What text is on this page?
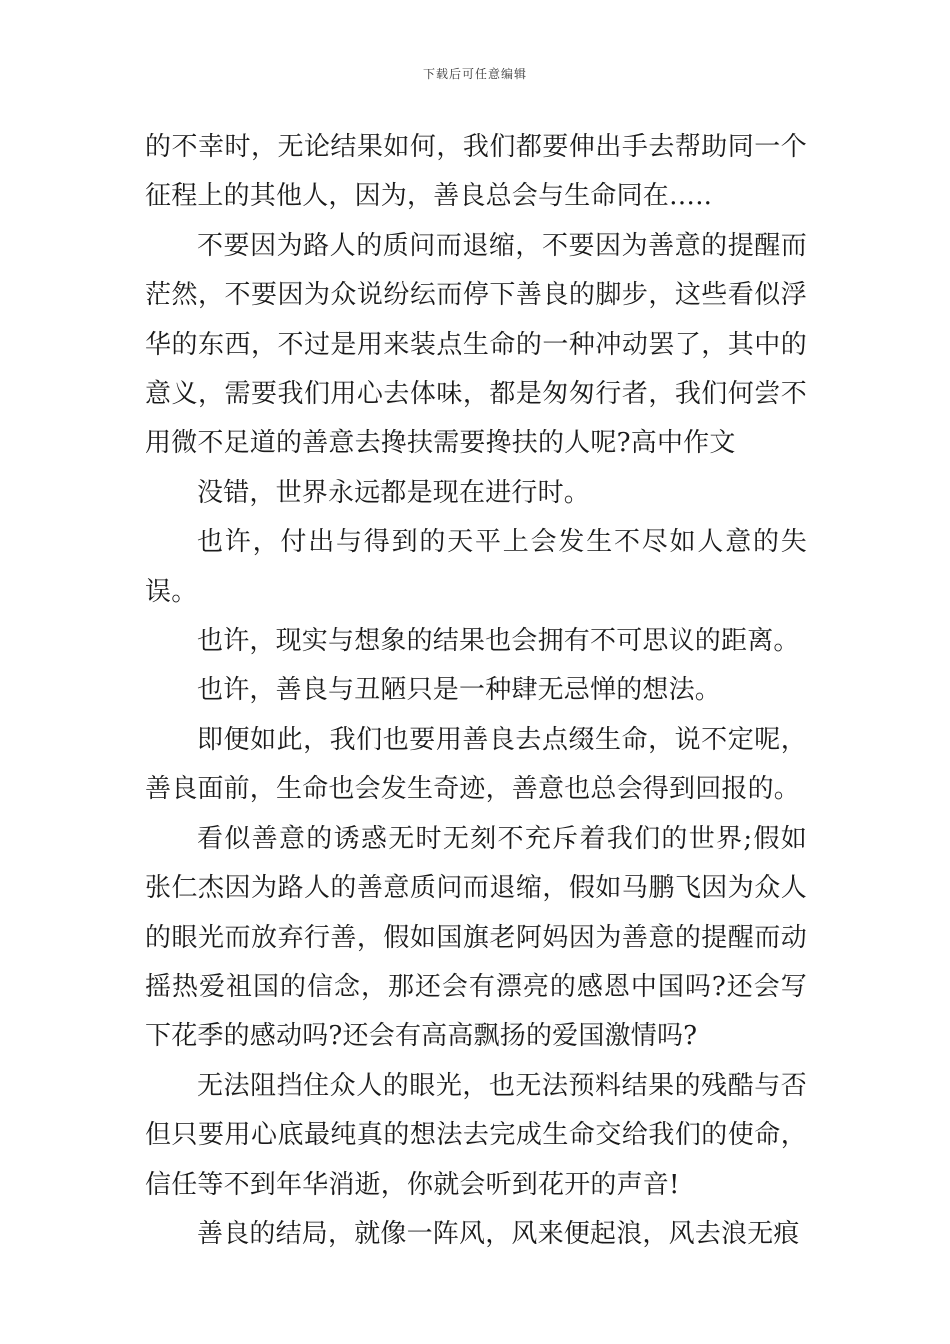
下载后可任意编辑

的不幸时，无论结果如何，我们都要伸出手去帮助同一个征程上的其他人，因为，善良总会与生命同在…..

不要因为路人的质问而退缩，不要因为善意的提醒而茫然，不要因为众说纷纭而停下善良的脚步，这些看似浮华的东西，不过是用来装点生命的一种冲动罢了，其中的意义，需要我们用心去体味，都是匆匆行者，我们何尝不用微不足道的善意去搀扶需要搀扶的人呢?高中作文

没错，世界永远都是现在进行时。

也许，付出与得到的天平上会发生不尽如人意的失误。

也许，现实与想象的结果也会拥有不可思议的距离。

也许，善良与丑陋只是一种肆无忌惮的想法。

即便如此，我们也要用善良去点缀生命，说不定呢，善良面前，生命也会发生奇迹，善意也总会得到回报的。

看似善意的诱惑无时无刻不充斥着我们的世界;假如张仁杰因为路人的善意质问而退缩，假如马鹏飞因为众人的眼光而放弃行善，假如国旗老阿妈因为善意的提醒而动摇热爱祖国的信念，那还会有漂亮的感恩中国吗?还会写下花季的感动吗?还会有高高飘扬的爱国激情吗?

无法阻挡住众人的眼光，也无法预料结果的残酷与否但只要用心底最纯真的想法去完成生命交给我们的使命，信任等不到年华消逝，你就会听到花开的声音!

善良的结局，就像一阵风，风来便起浪，风去浪无痕
